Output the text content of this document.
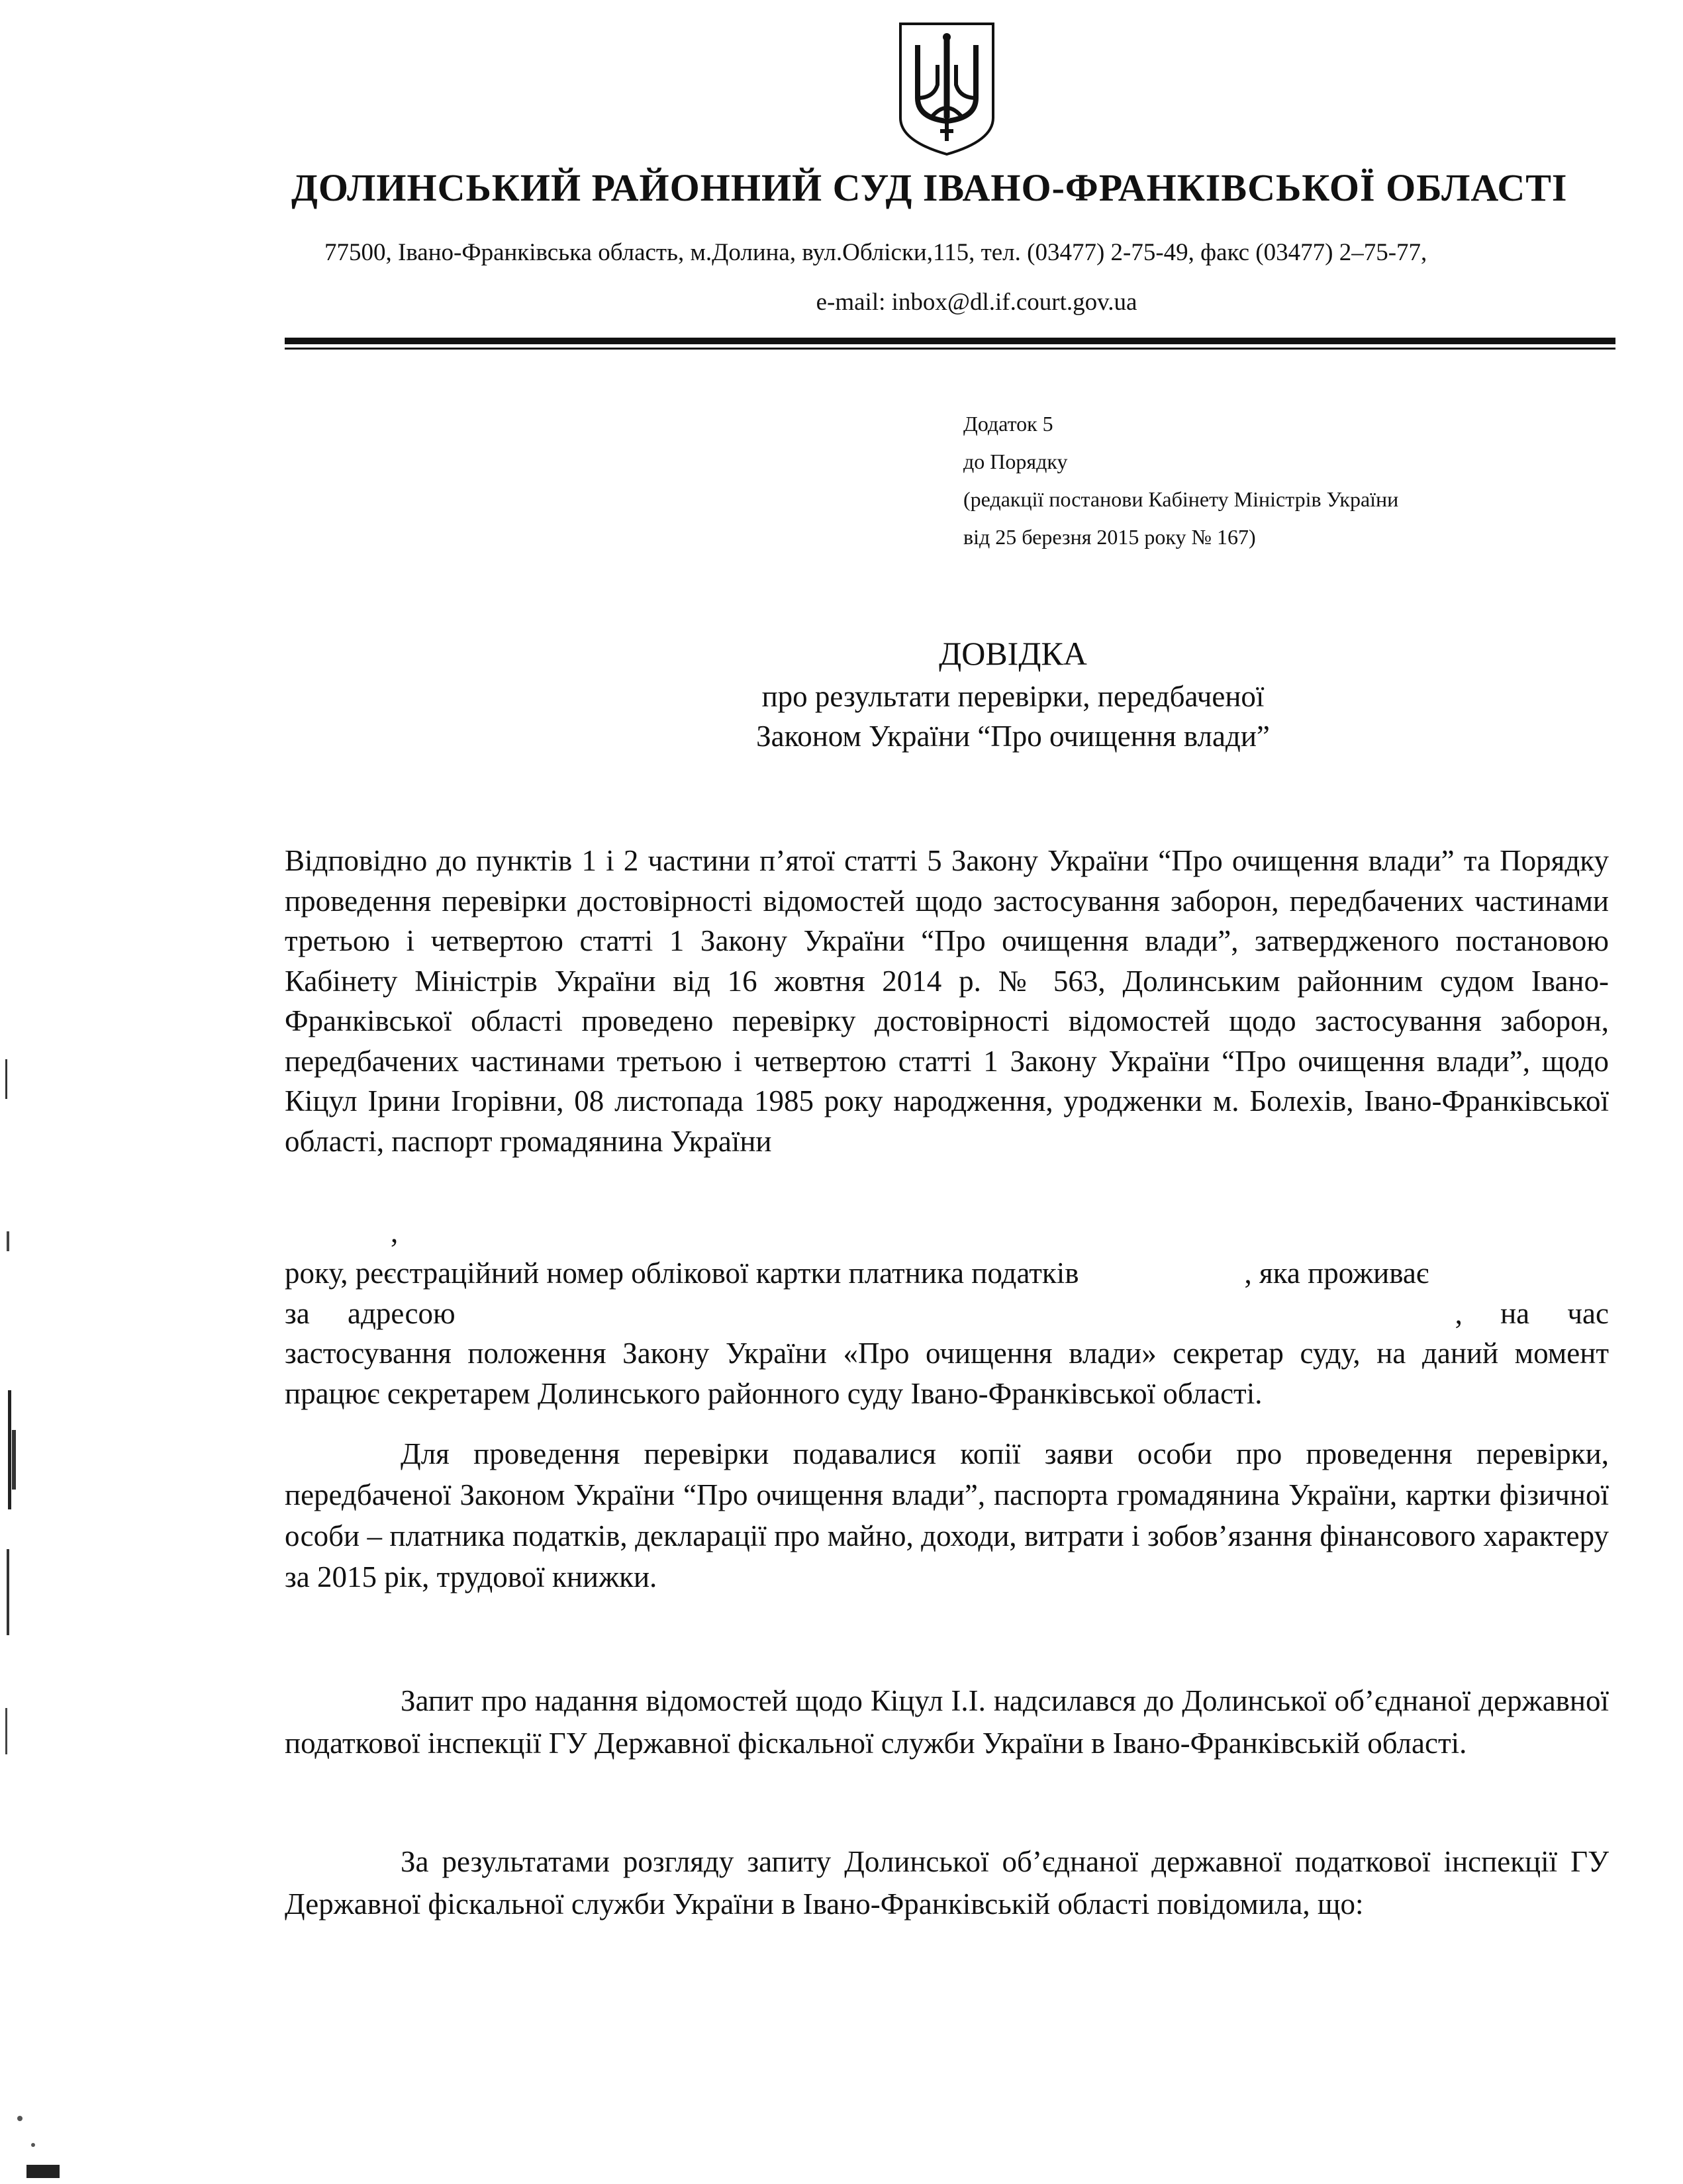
ДОЛИНСЬКИЙ РАЙОННИЙ СУД ІВАНО-ФРАНКІВСЬКОЇ ОБЛАСТІ
77500, Івано-Франківська область, м.Долина, вул.Обліски,115, тел. (03477) 2-75-49, факс (03477) 2–75-77,
e-mail: inbox@dl.if.court.gov.ua
Додаток 5
до Порядку
(редакції постанови Кабінету Міністрів України
від 25 березня 2015 року № 167)
ДОВІДКА
про результати перевірки, передбаченої
Законом України “Про очищення влади”
Відповідно до пунктів 1 і 2 частини п’ятої статті 5 Закону України “Про очищення влади” та Порядку проведення перевірки достовірності відомостей щодо застосування заборон, передбачених частинами третьою і четвертою статті 1 Закону України “Про очищення влади”, затвердженого постановою Кабінету Міністрів України від 16 жовтня 2014 р. № 563, Долинським районним судом Івано-Франківської області проведено перевірку достовірності відомостей щодо застосування заборон, передбачених частинами третьою і четвертою статті 1 Закону України “Про очищення влади”, щодо Кіцул Ірини Ігорівни, 08 листопада 1985 року народження, уродженки м. Болехів, Івано-Франківської області, паспорт громадянина України
,
року, реєстраційний номер облікової картки платника податків	, яка проживає
за адресою	, на час застосування положення Закону України «Про очищення влади» секретар суду, на даний момент працює секретарем Долинського районного суду Івано-Франківської області.
Для проведення перевірки подавалися копії заяви особи про проведення перевірки, передбаченої Законом України “Про очищення влади”, паспорта громадянина України, картки фізичної особи – платника податків, декларації про майно, доходи, витрати і зобов’язання фінансового характеру за 2015 рік, трудової книжки.
Запит про надання відомостей щодо Кіцул І.І. надсилався до Долинської об’єднаної державної податкової інспекції ГУ Державної фіскальної служби України в Івано-Франківській області.
За результатами розгляду запиту Долинської об’єднаної державної податкової інспекції ГУ Державної фіскальної служби України в Івано-Франківській області повідомила, що:
